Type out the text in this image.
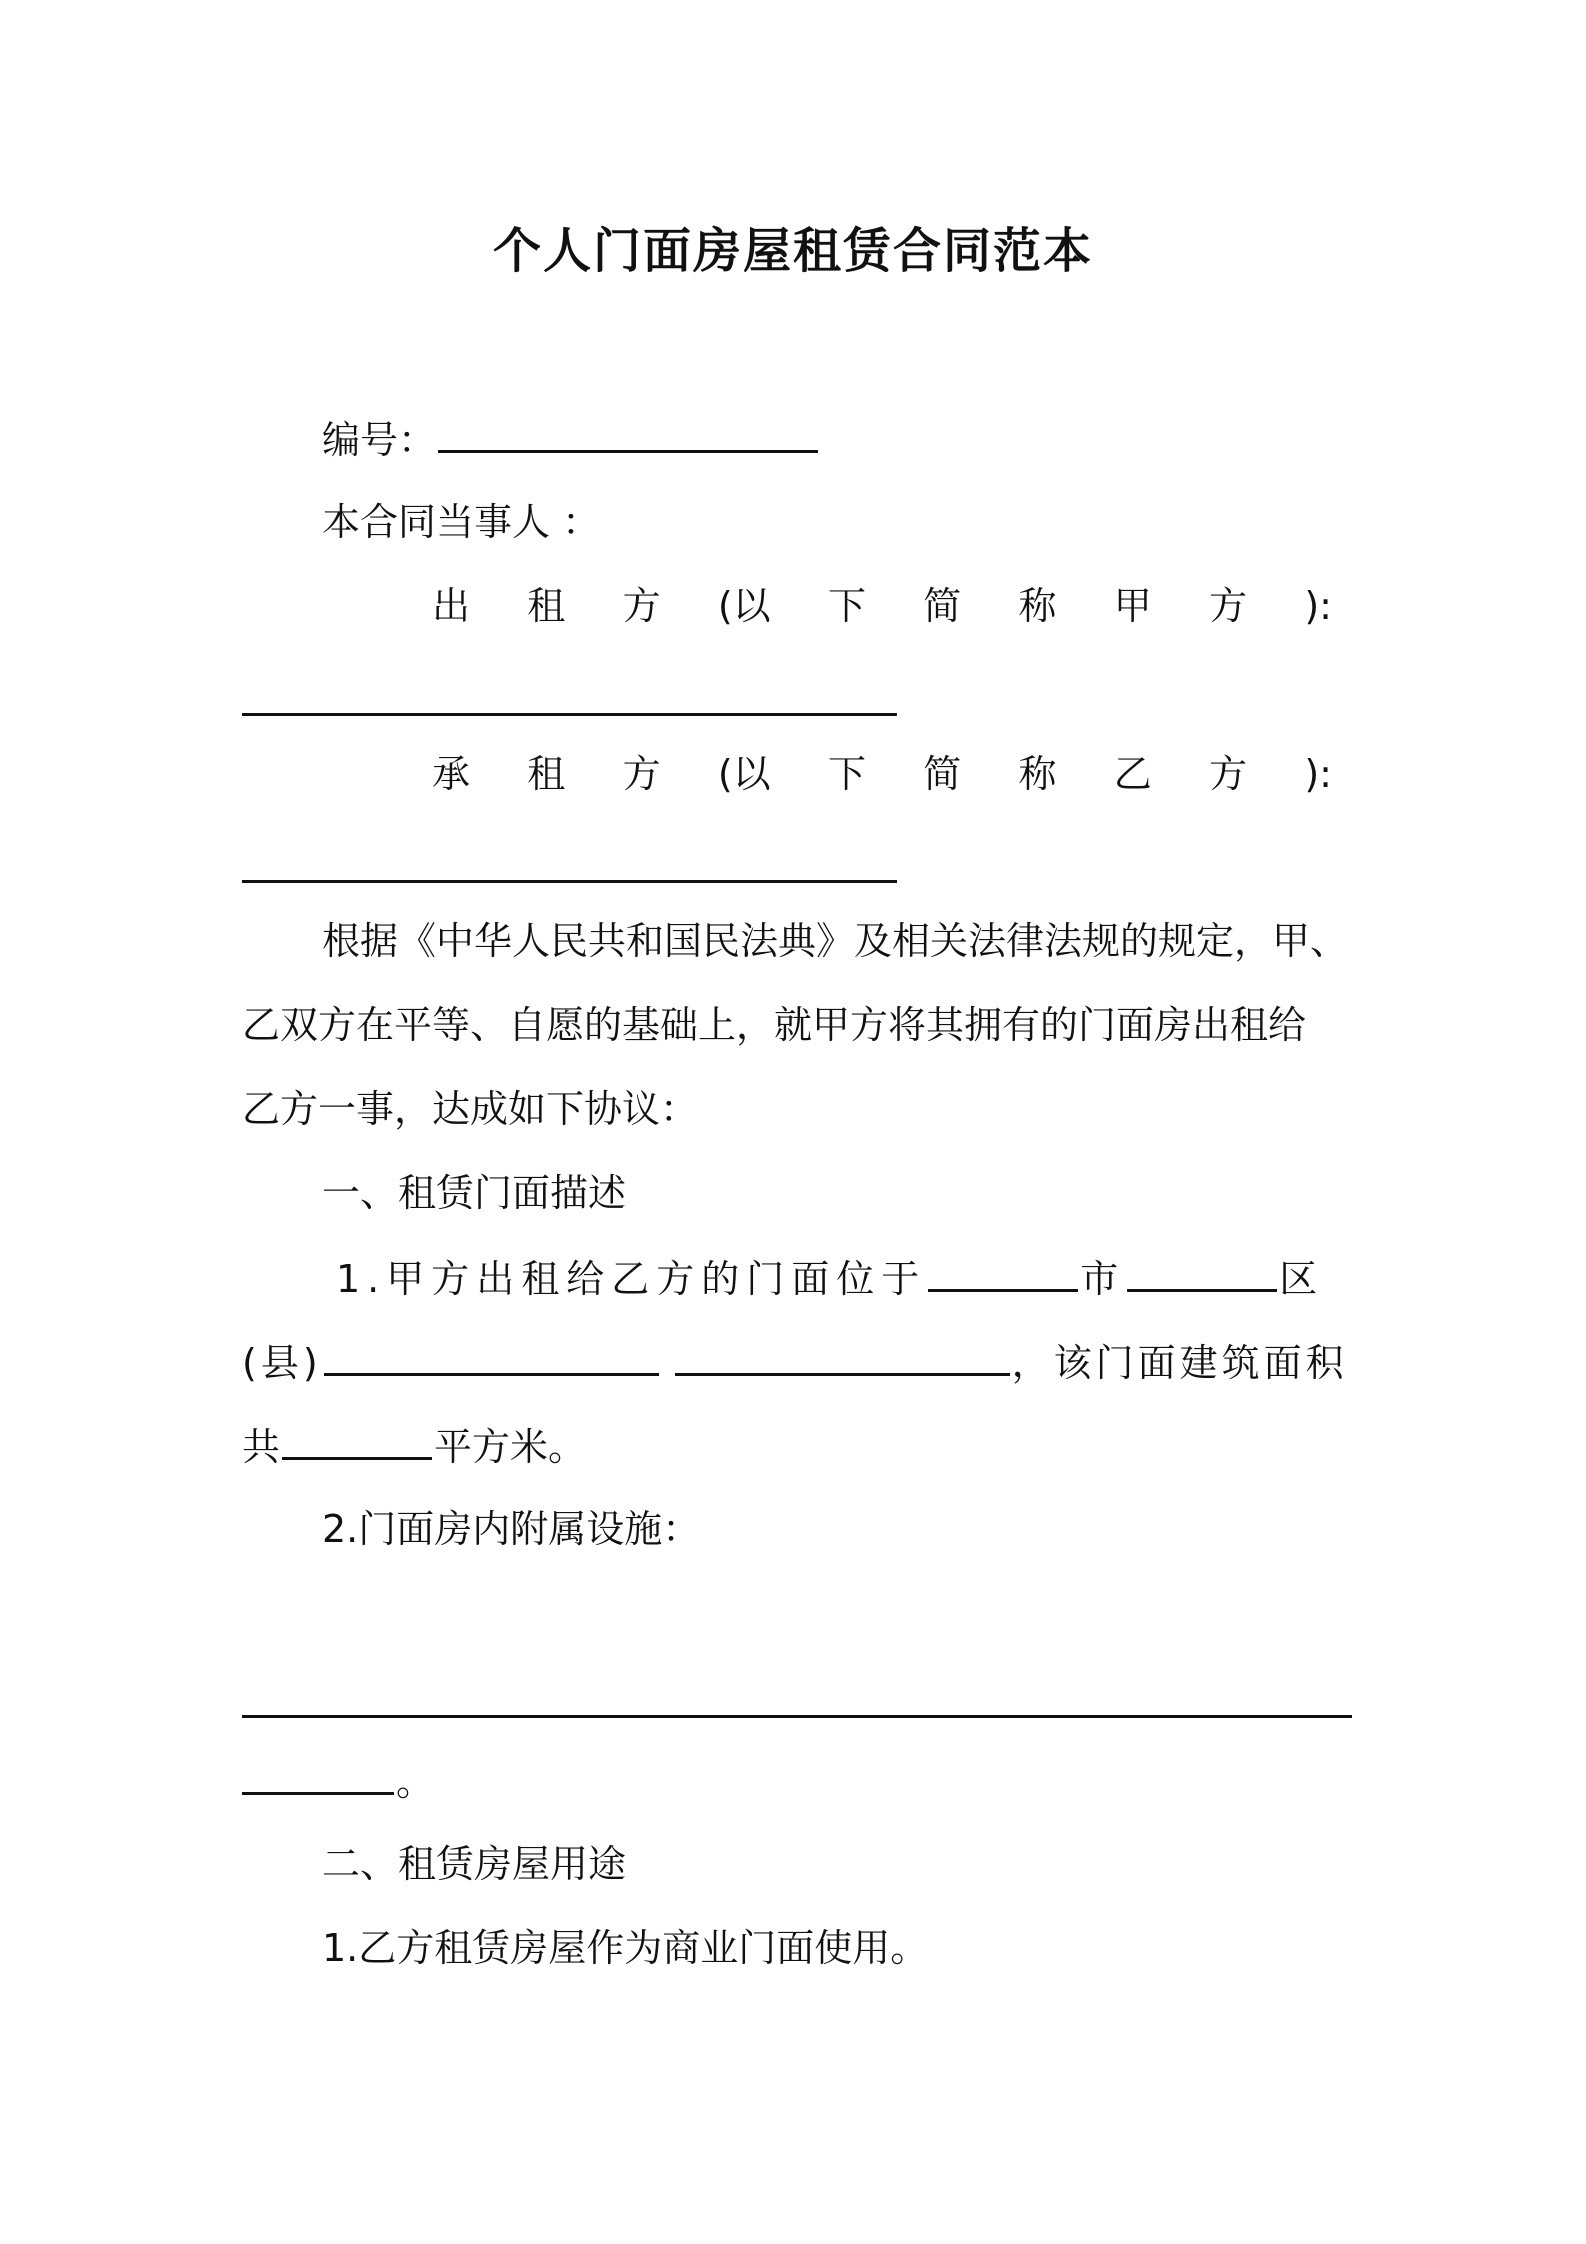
个人门面房屋租赁合同范本
编号：
本合同当事人 ：
出 租 方 (以 下 简 称 甲 方 ):
承 租 方 (以 下 简 称 乙 方 ):
根据《中华人民共和国民法典》及相关法律法规的规定，甲、
乙双方在平等、自愿的基础上，就甲方将其拥有的门面房出租给
乙方一事，达成如下协议：
一、租赁门面描述
1.甲方出租给乙方的门面位于	市	区
(县)	，该门面建筑面积
共	平方米。
2.门面房内附属设施：
。
二、租赁房屋用途
1.乙方租赁房屋作为商业门面使用。
